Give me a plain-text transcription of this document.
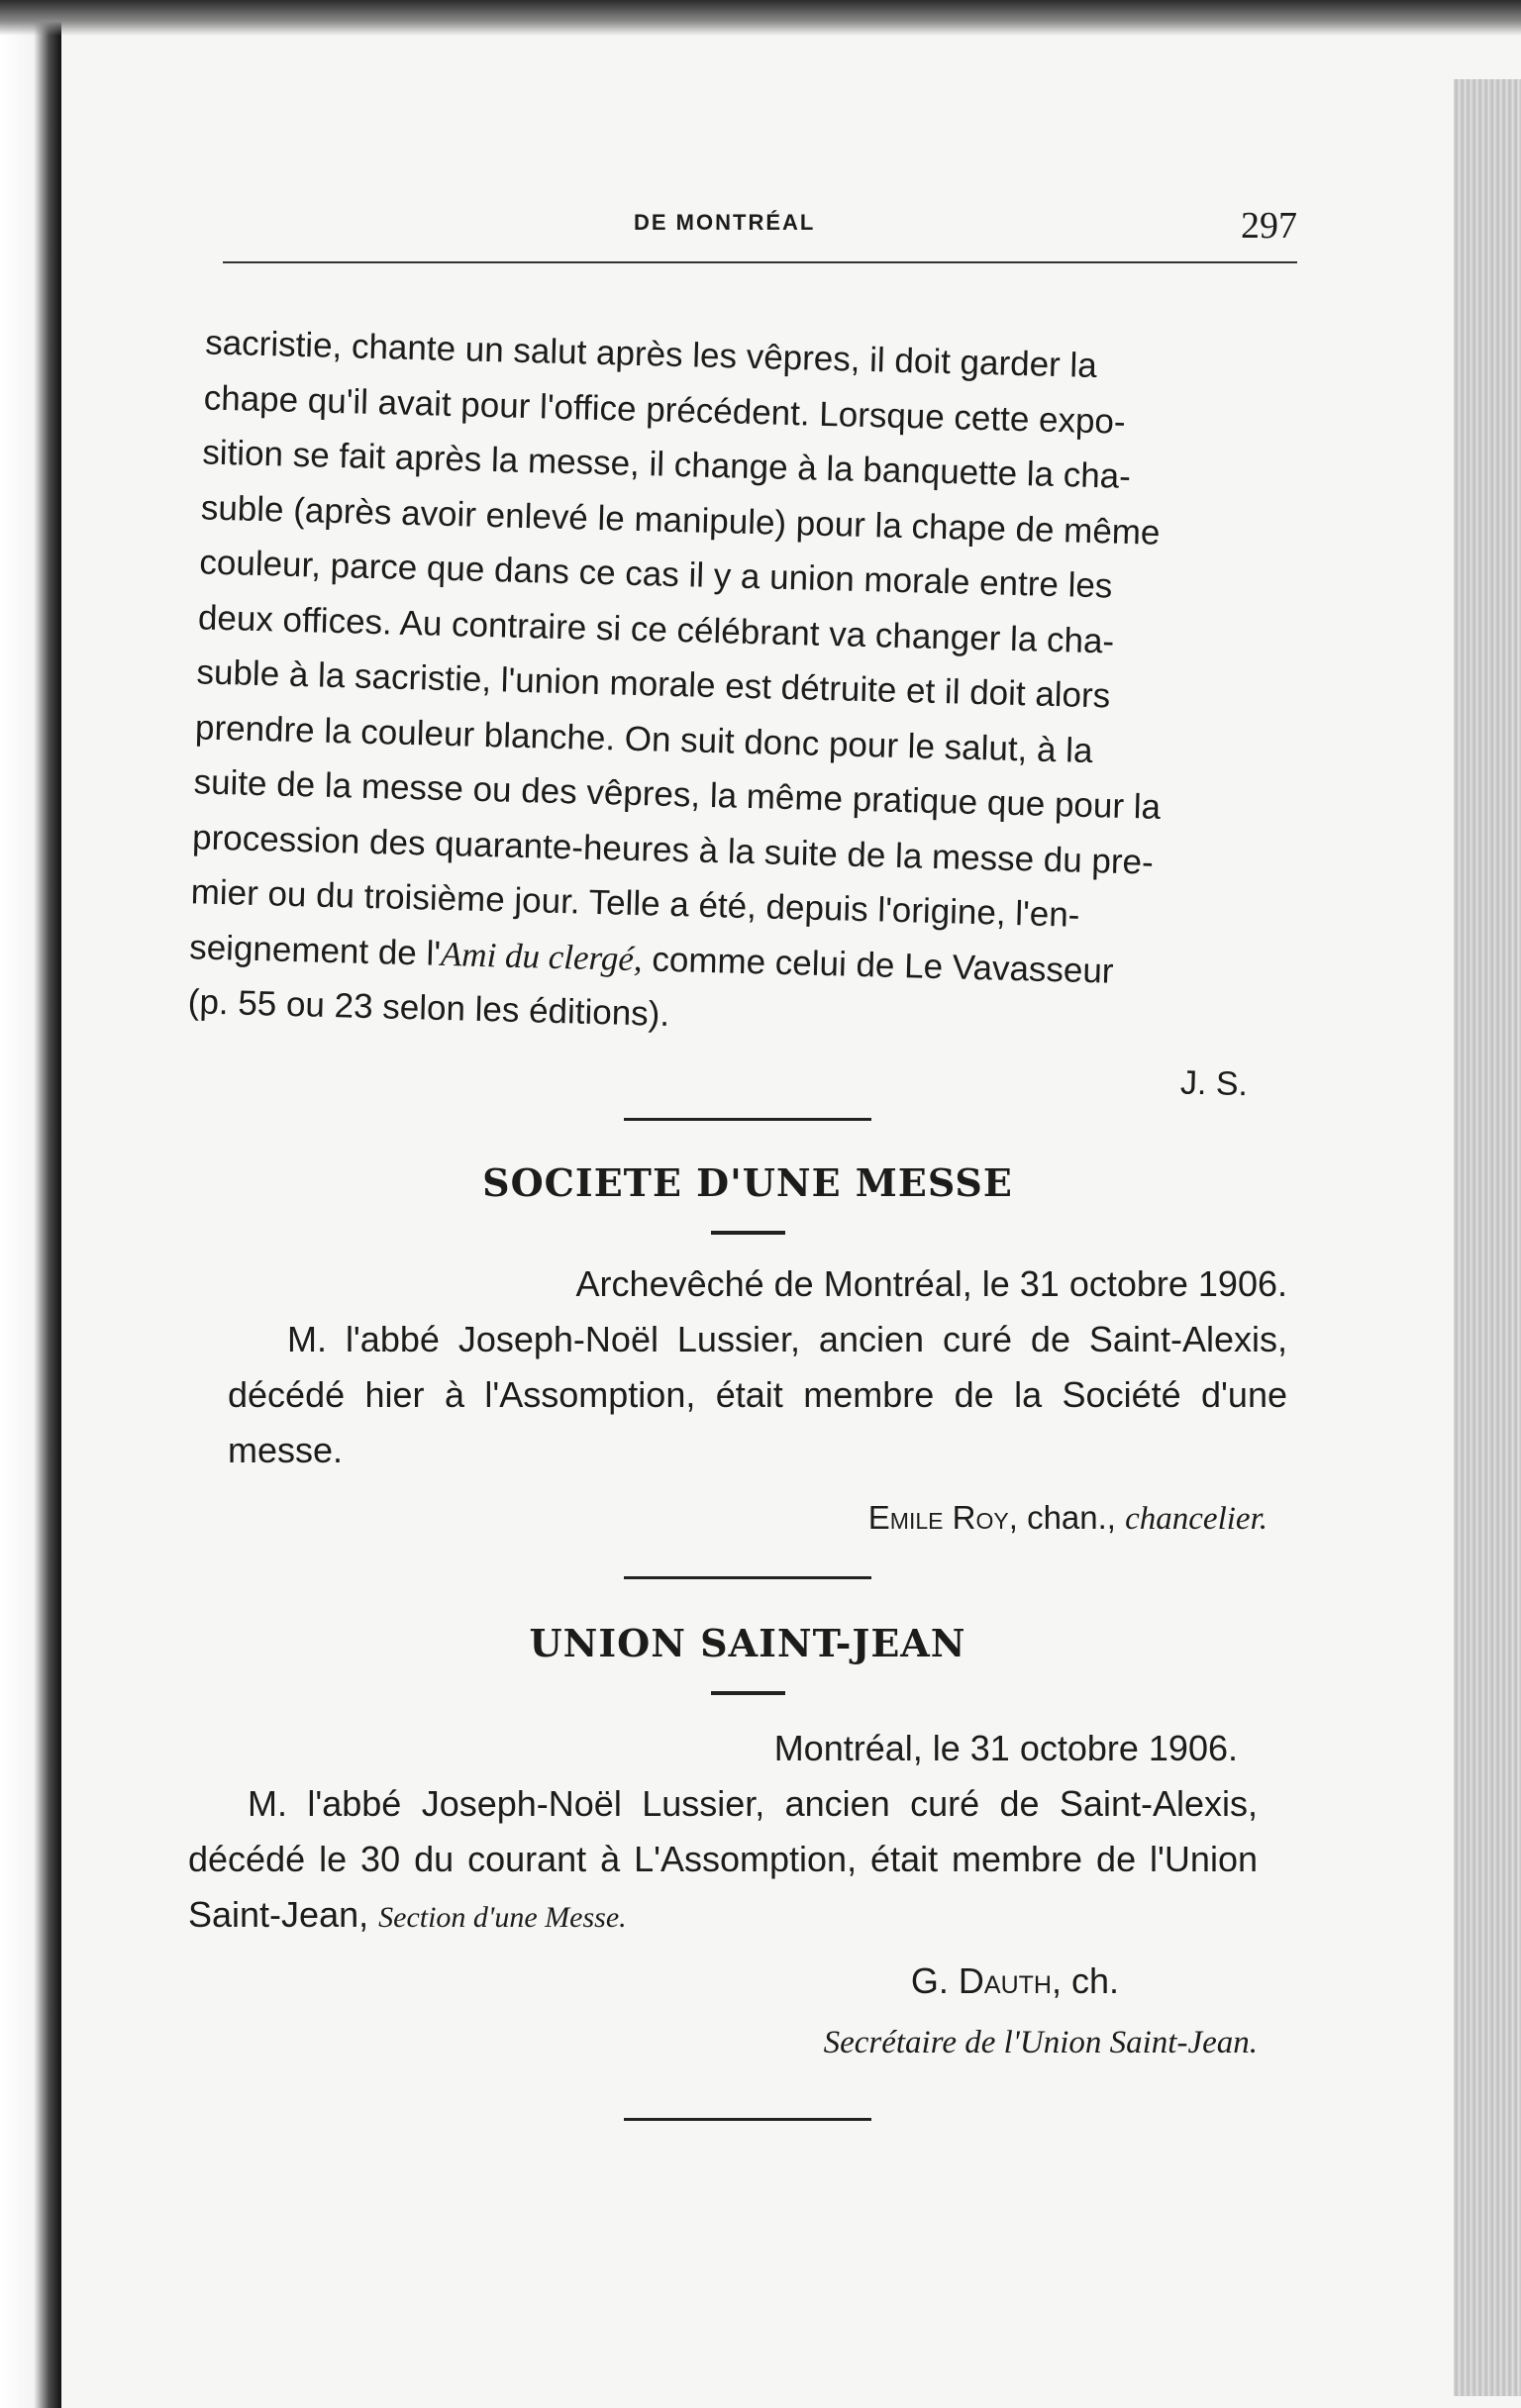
DE MONTRÉAL	297
sacristie, chante un salut après les vêpres, il doit garder la
chape qu'il avait pour l'office précédent. Lorsque cette expo-
sition se fait après la messe, il change à la banquette la cha-
suble (après avoir enlevé le manipule) pour la chape de même
couleur, parce que dans ce cas il y a union morale entre les
deux offices. Au contraire si ce célébrant va changer la cha-
suble à la sacristie, l'union morale est détruite et il doit alors
prendre la couleur blanche. On suit donc pour le salut, à la
suite de la messe ou des vêpres, la même pratique que pour la
procession des quarante-heures à la suite de la messe du pre-
mier ou du troisième jour. Telle a été, depuis l'origine, l'en-
seignement de l'Ami du clergé, comme celui de Le Vavasseur
(p. 55 ou 23 selon les éditions).
J. S.
SOCIETE D'UNE MESSE
Archevêché de Montréal, le 31 octobre 1906.
M. l'abbé Joseph-Noël Lussier, ancien curé de Saint-Alexis, décédé hier à l'Assomption, était membre de la Société d'une messe.
Emile Roy, chan., chancelier.
UNION SAINT-JEAN
Montréal, le 31 octobre 1906.
M. l'abbé Joseph-Noël Lussier, ancien curé de Saint-Alexis, décédé le 30 du courant à L'Assomption, était membre de l'Union Saint-Jean, Section d'une Messe.
G. Dauth, ch.
Secrétaire de l'Union Saint-Jean.
